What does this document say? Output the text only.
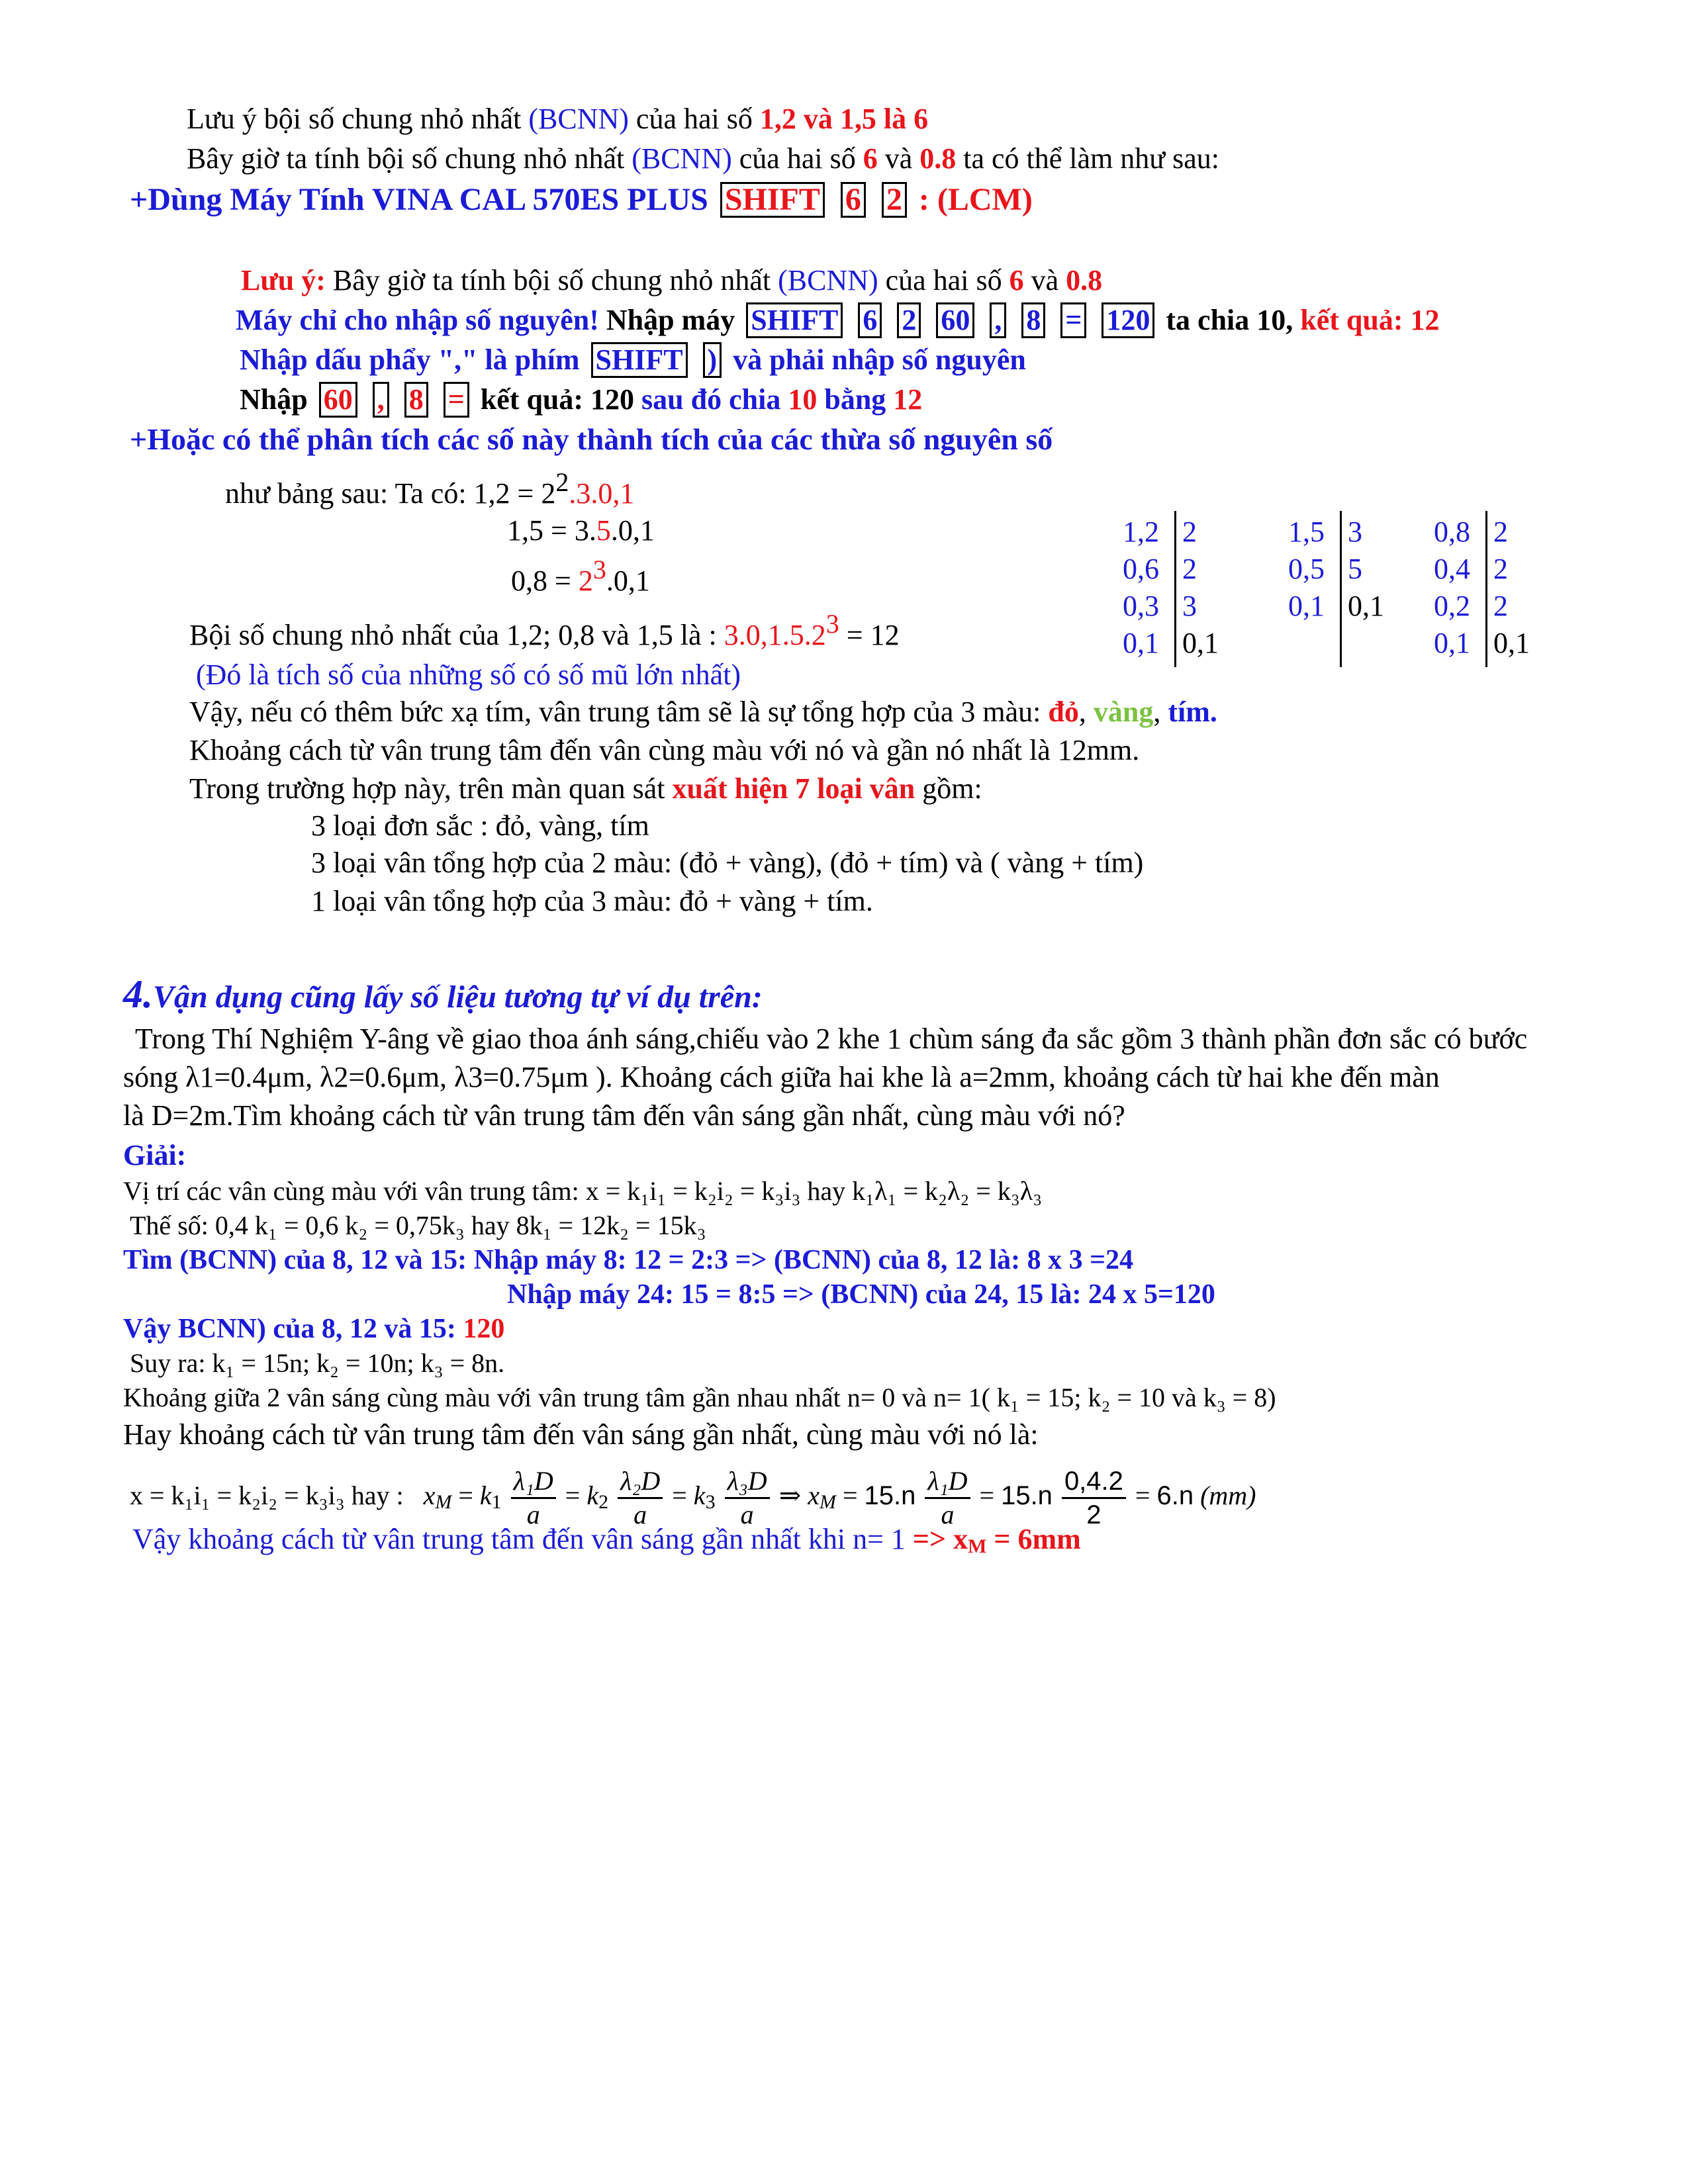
Lưu ý bội số chung nhỏ nhất (BCNN) của hai số 1,2 và 1,5 là 6
Bây giờ ta tính bội số chung nhỏ nhất (BCNN) của hai số 6 và 0.8 ta có thể làm như sau:
+Dùng Máy Tính VINA CAL 570ES PLUS SHIFT 6 2 : (LCM)
Lưu ý: Bây giờ ta tính bội số chung nhỏ nhất (BCNN) của hai số 6 và 0.8
Máy chỉ cho nhập số nguyên! Nhập máy SHIFT 6 2 60 , 8 = 120 ta chia 10, kết quả: 12
Nhập dấu phẩy "," là phím SHIFT ) và phải nhập số nguyên
Nhập 60 , 8 = kết quả: 120 sau đó chia 10 bằng 12
+Hoặc có thể phân tích các số này thành tích của các thừa số nguyên số
như bảng sau: Ta có: 1,2 = 22.3.0,1
1,5 = 3.5.0,1
0,8 = 23.0,1
Bội số chung nhỏ nhất của 1,2; 0,8 và 1,5 là : 3.0,1.5.23 = 12
(Đó là tích số của những số có số mũ lớn nhất)
Vậy, nếu có thêm bức xạ tím, vân trung tâm sẽ là sự tổng hợp của 3 màu: đỏ, vàng, tím.
Khoảng cách từ vân trung tâm đến vân cùng màu với nó và gần nó nhất là 12mm.
Trong trường hợp này, trên màn quan sát xuất hiện 7 loại vân gồm:
3 loại đơn sắc : đỏ, vàng, tím
3 loại vân tổng hợp của 2 màu: (đỏ + vàng), (đỏ + tím) và ( vàng + tím)
1 loại vân tổng hợp của 3 màu: đỏ + vàng + tím.
1,2
0,6
0,3
0,1
2
2
3
0,1
1,5
0,5
0,1
3
5
0,1
0,8
0,4
0,2
0,1
2
2
2
0,1
4.Vận dụng cũng lấy số liệu tương tự ví dụ trên:
Trong Thí Nghiệm Y-âng về giao thoa ánh sáng,chiếu vào 2 khe 1 chùm sáng đa sắc gồm 3 thành phần đơn sắc có bước
sóng λ1=0.4μm, λ2=0.6μm, λ3=0.75μm ). Khoảng cách giữa hai khe là a=2mm, khoảng cách từ hai khe đến màn
là D=2m.Tìm khoảng cách từ vân trung tâm đến vân sáng gần nhất, cùng màu với nó?
Giải:
Vị trí các vân cùng màu với vân trung tâm: x = k₁i₁ = k₂i₂ = k₃i₃ hay k₁λ₁ = k₂λ₂ = k₃λ₃
Thế số: 0,4 k₁ = 0,6 k₂ = 0,75k₃ hay 8k₁ = 12k₂ = 15k₃
Tìm (BCNN) của 8, 12 và 15: Nhập máy 8: 12 = 2:3 => (BCNN) của 8, 12 là: 8 x 3 =24
Nhập máy 24: 15 = 8:5 => (BCNN) của 24, 15 là: 24 x 5=120
Vậy BCNN) của 8, 12 và 15: 120
Suy ra: k₁ = 15n; k₂ = 10n; k₃ = 8n.
Khoảng giữa 2 vân sáng cùng màu với vân trung tâm gần nhau nhất n= 0 và n= 1( k₁ = 15; k₂ = 10 và k₃ = 8)
Hay khoảng cách từ vân trung tâm đến vân sáng gần nhất, cùng màu với nó là:
x = k₁i₁ = k₂i₂ = k₃i₃ hay : xM = $k1 \frac{\text{λ₁D}}{a} = k2 \frac{\text{λ₂D}}{a} = k3 \frac{\text{λ₃D}}{a}$ ⇒ xM = $15.n \frac{\text{λ₁D}}{a} = 15.n \frac{0,4.2}{2} = 6.n$ (mm)
Vậy khoảng cách từ vân trung tâm đến vân sáng gần nhất khi n= 1 => xM = 6mm
